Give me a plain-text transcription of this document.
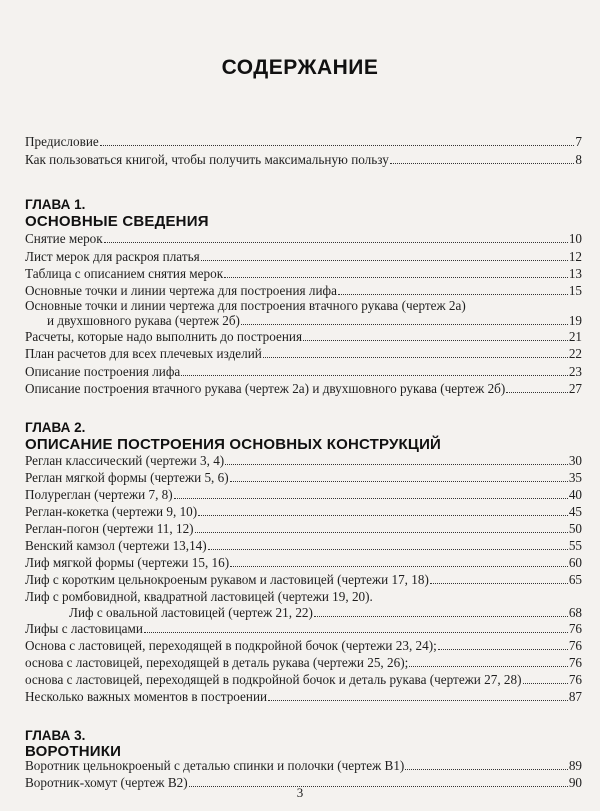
СОДЕРЖАНИЕ
Предисловие	7
Как пользоваться книгой, чтобы получить максимальную пользу	8
ГЛАВА 1.
ОСНОВНЫЕ СВЕДЕНИЯ
Снятие мерок	10
Лист мерок для раскроя платья	12
Таблица с описанием снятия мерок	13
Основные точки и линии чертежа для построения лифа	15
Основные точки и линии чертежа для построения втачного рукава (чертеж 2а)
и двухшовного рукава (чертеж 2б)	19
Расчеты, которые надо выполнить до построения	21
План расчетов для всех плечевых изделий	22
Описание построения лифа	23
Описание построения втачного рукава (чертеж 2а) и двухшовного рукава (чертеж 2б)	27
ГЛАВА 2.
ОПИСАНИЕ ПОСТРОЕНИЯ ОСНОВНЫХ КОНСТРУКЦИЙ
Реглан классический (чертежи 3, 4)	30
Реглан мягкой формы (чертежи 5, 6)	35
Полуреглан (чертежи 7, 8)	40
Реглан-кокетка (чертежи 9, 10)	45
Реглан-погон (чертежи 11, 12)	50
Венский камзол (чертежи 13,14)	55
Лиф мягкой формы (чертежи 15, 16)	60
Лиф с коротким цельнокроеным рукавом и ластовицей (чертежи 17, 18)	65
Лиф с ромбовидной, квадратной ластовицей (чертежи 19, 20).
Лиф с овальной ластовицей (чертеж 21, 22)	68
Лифы с ластовицами	76
Основа с ластовицей, переходящей в подкройной бочок (чертежи 23, 24);	76
основа с ластовицей, переходящей в деталь рукава (чертежи 25, 26);	76
основа с ластовицей, переходящей в подкройной бочок и деталь рукава (чертежи 27, 28)	76
Несколько важных моментов в построении	87
ГЛАВА 3.
ВОРОТНИКИ
Воротник цельнокроеный с деталью спинки и полочки (чертеж В1)	89
Воротник-хомут (чертеж В2)	90
3
